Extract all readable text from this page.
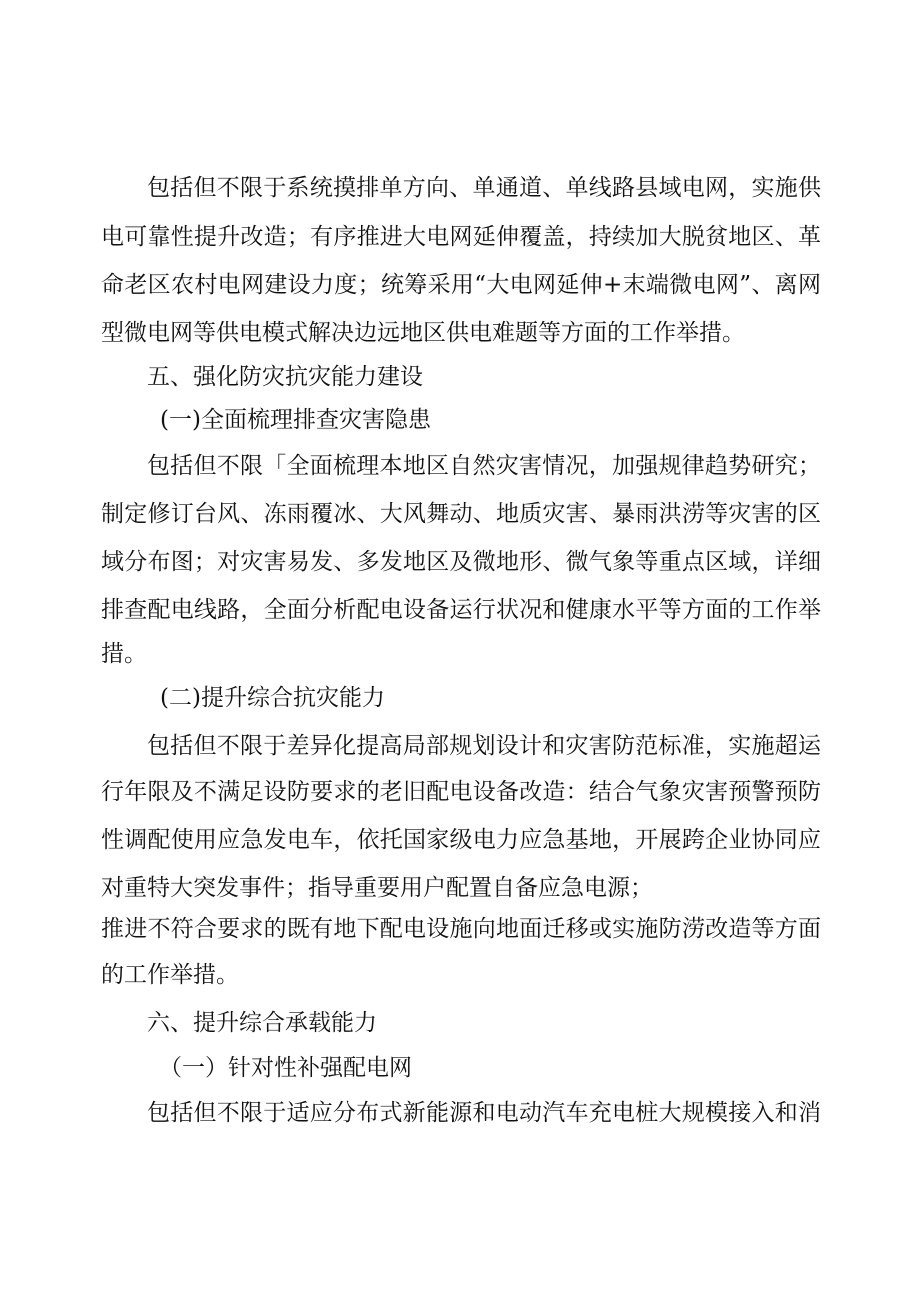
包括但不限于系统摸排单方向、单通道、单线路县域电网，实施供
电可靠性提升改造；有序推进大电网延伸覆盖，持续加大脱贫地区、革
命老区农村电网建设力度；统筹采用“大电网延伸+末端微电网”、离网
型微电网等供电模式解决边远地区供电难题等方面的工作举措。
五、强化防灾抗灾能力建设
(一)全面梳理排查灾害隐患
包括但不限「全面梳理本地区自然灾害情况，加强规律趋势研究；
制定修订台风、冻雨覆冰、大风舞动、地质灾害、暴雨洪涝等灾害的区
域分布图；对灾害易发、多发地区及微地形、微气象等重点区域，详细
排查配电线路，全面分析配电设备运行状况和健康水平等方面的工作举
措。
(二)提升综合抗灾能力
包括但不限于差异化提高局部规划设计和灾害防范标准，实施超运
行年限及不满足设防要求的老旧配电设备改造：结合气象灾害预警预防
性调配使用应急发电车，依托国家级电力应急基地，开展跨企业协同应
对重特大突发事件；指导重要用户配置自备应急电源；
推进不符合要求的既有地下配电设施向地面迁移或实施防涝改造等方面
的工作举措。
六、提升综合承载能力
（一）针对性补强配电网
包括但不限于适应分布式新能源和电动汽车充电桩大规模接入和消
